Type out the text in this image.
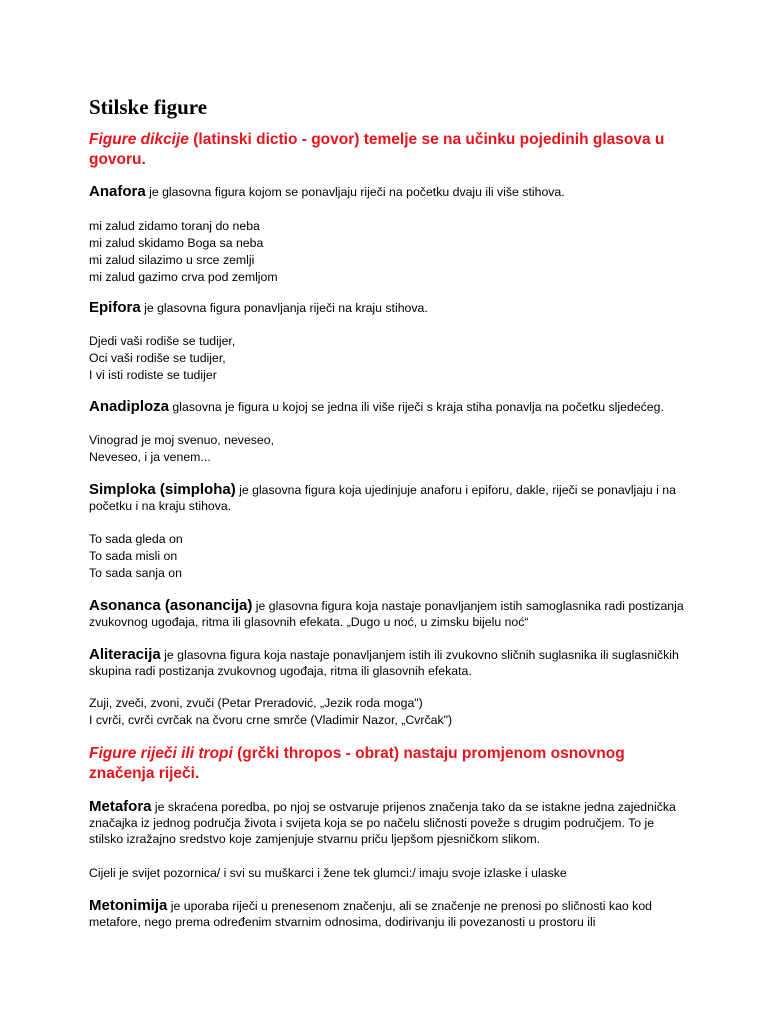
Stilske figure

Figure dikcije (latinski dictio - govor) temelje se na učinku pojedinih glasova u govoru.

Anafora je glasovna figura kojom se ponavljaju riječi na početku dvaju ili više stihova.

mi zalud zidamo toranj do neba
mi zalud skidamo Boga sa neba
mi zalud silazimo u srce zemlji
mi zalud gazimo crva pod zemljom

Epifora je glasovna figura ponavljanja riječi na kraju stihova.

Djedi vaši rodiše se tudijer,
Oci vaši rodiše se tudijer,
I vi isti rodiste se tudijer

Anadiploza glasovna je figura u kojoj se jedna ili više riječi s kraja stiha ponavlja na početku sljedećeg.

Vinograd je moj svenuo, neveseo,
Neveseo, i ja venem...

Simploka (simploha) je glasovna figura koja ujedinjuje anaforu i epiforu, dakle, riječi se ponavljaju i na početku i na kraju stihova.

To sada gleda on
To sada misli on
To sada sanja on

Asonanca (asonancija) je glasovna figura koja nastaje ponavljanjem istih samoglasnika radi postizanja zvukovnog ugođaja, ritma ili glasovnih efekata. „Dugo u noć, u zimsku bijelu noć“

Aliteracija je glasovna figura koja nastaje ponavljanjem istih ili zvukovno sličnih suglasnika ili suglasničkih skupina radi postizanja zvukovnog ugođaja, ritma ili glasovnih efekata.

Zuji, zveči, zvoni, zvuči (Petar Preradović, „Jezik roda moga")
I cvrči, cvrči cvrčak na čvoru crne smrče (Vladimir Nazor, „Cvrčak")

Figure riječi ili tropi (grčki thropos - obrat) nastaju promjenom osnovnog značenja riječi.

Metafora je skraćena poredba, po njoj se ostvaruje prijenos značenja tako da se istakne jedna zajednička značajka iz jednog područja života i svijeta koja se po načelu sličnosti poveže s drugim područjem. To je stilsko izražajno sredstvo koje zamjenjuje stvarnu priču ljepšom pjesničkom slikom.

Cijeli je svijet pozornica/ i svi su muškarci i žene tek glumci:/ imaju svoje izlaske i ulaske

Metonimija je uporaba riječi u prenesenom značenju, ali se značenje ne prenosi po sličnosti kao kod metafore, nego prema određenim stvarnim odnosima, dodirivanju ili povezanosti u prostoru ili
